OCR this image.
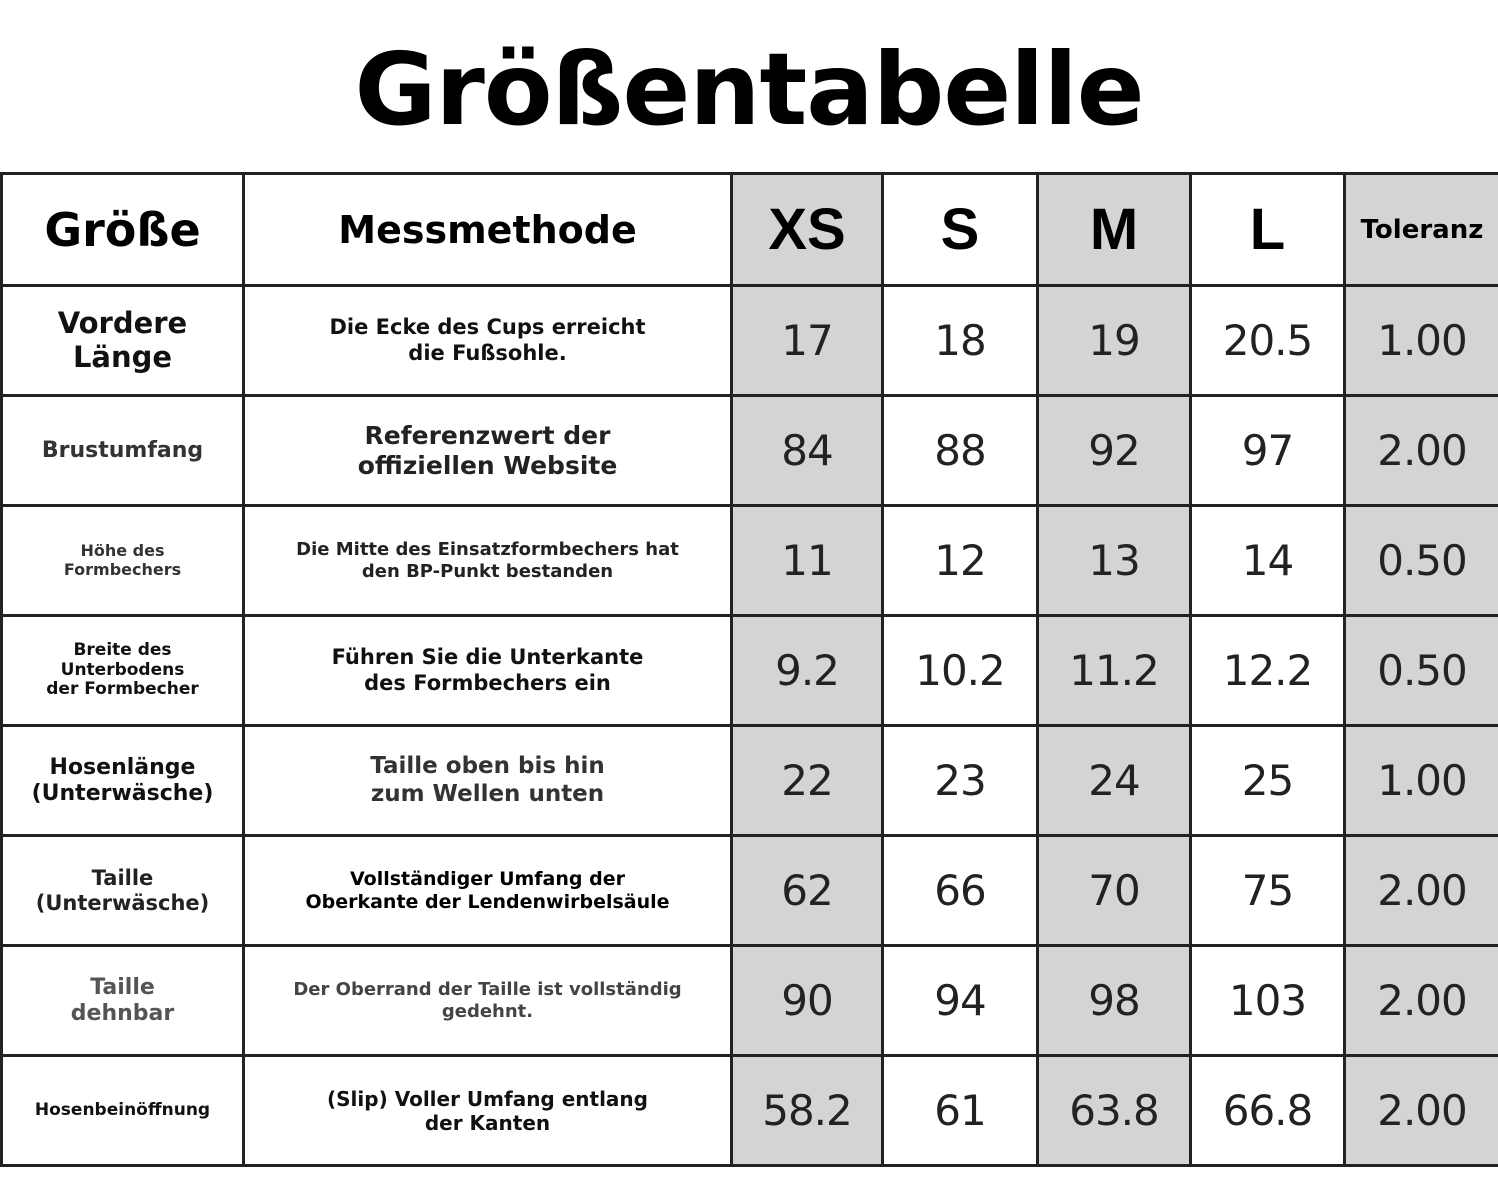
Größentabelle
Größe	Messmethode	XS	S	M	L	Toleranz
Vordere Länge	Die Ecke des Cups erreicht die Fußsohle.	17	18	19	20.5	1.00
Brustumfang	Referenzwert der offiziellen Website	84	88	92	97	2.00
Höhe des Formbechers	Die Mitte des Einsatzformbechers hat den BP-Punkt bestanden	11	12	13	14	0.50
Breite des Unterbodens der Formbecher	Führen Sie die Unterkante des Formbechers ein	9.2	10.2	11.2	12.2	0.50
Hosenlänge (Unterwäsche)	Taille oben bis hin zum Wellen unten	22	23	24	25	1.00
Taille (Unterwäsche)	Vollständiger Umfang der Oberkante der Lendenwirbelsäule	62	66	70	75	2.00
Taille dehnbar	Der Oberrand der Taille ist vollständig gedehnt.	90	94	98	103	2.00
Hosenbeinöffnung	(Slip) Voller Umfang entlang der Kanten	58.2	61	63.8	66.8	2.00
